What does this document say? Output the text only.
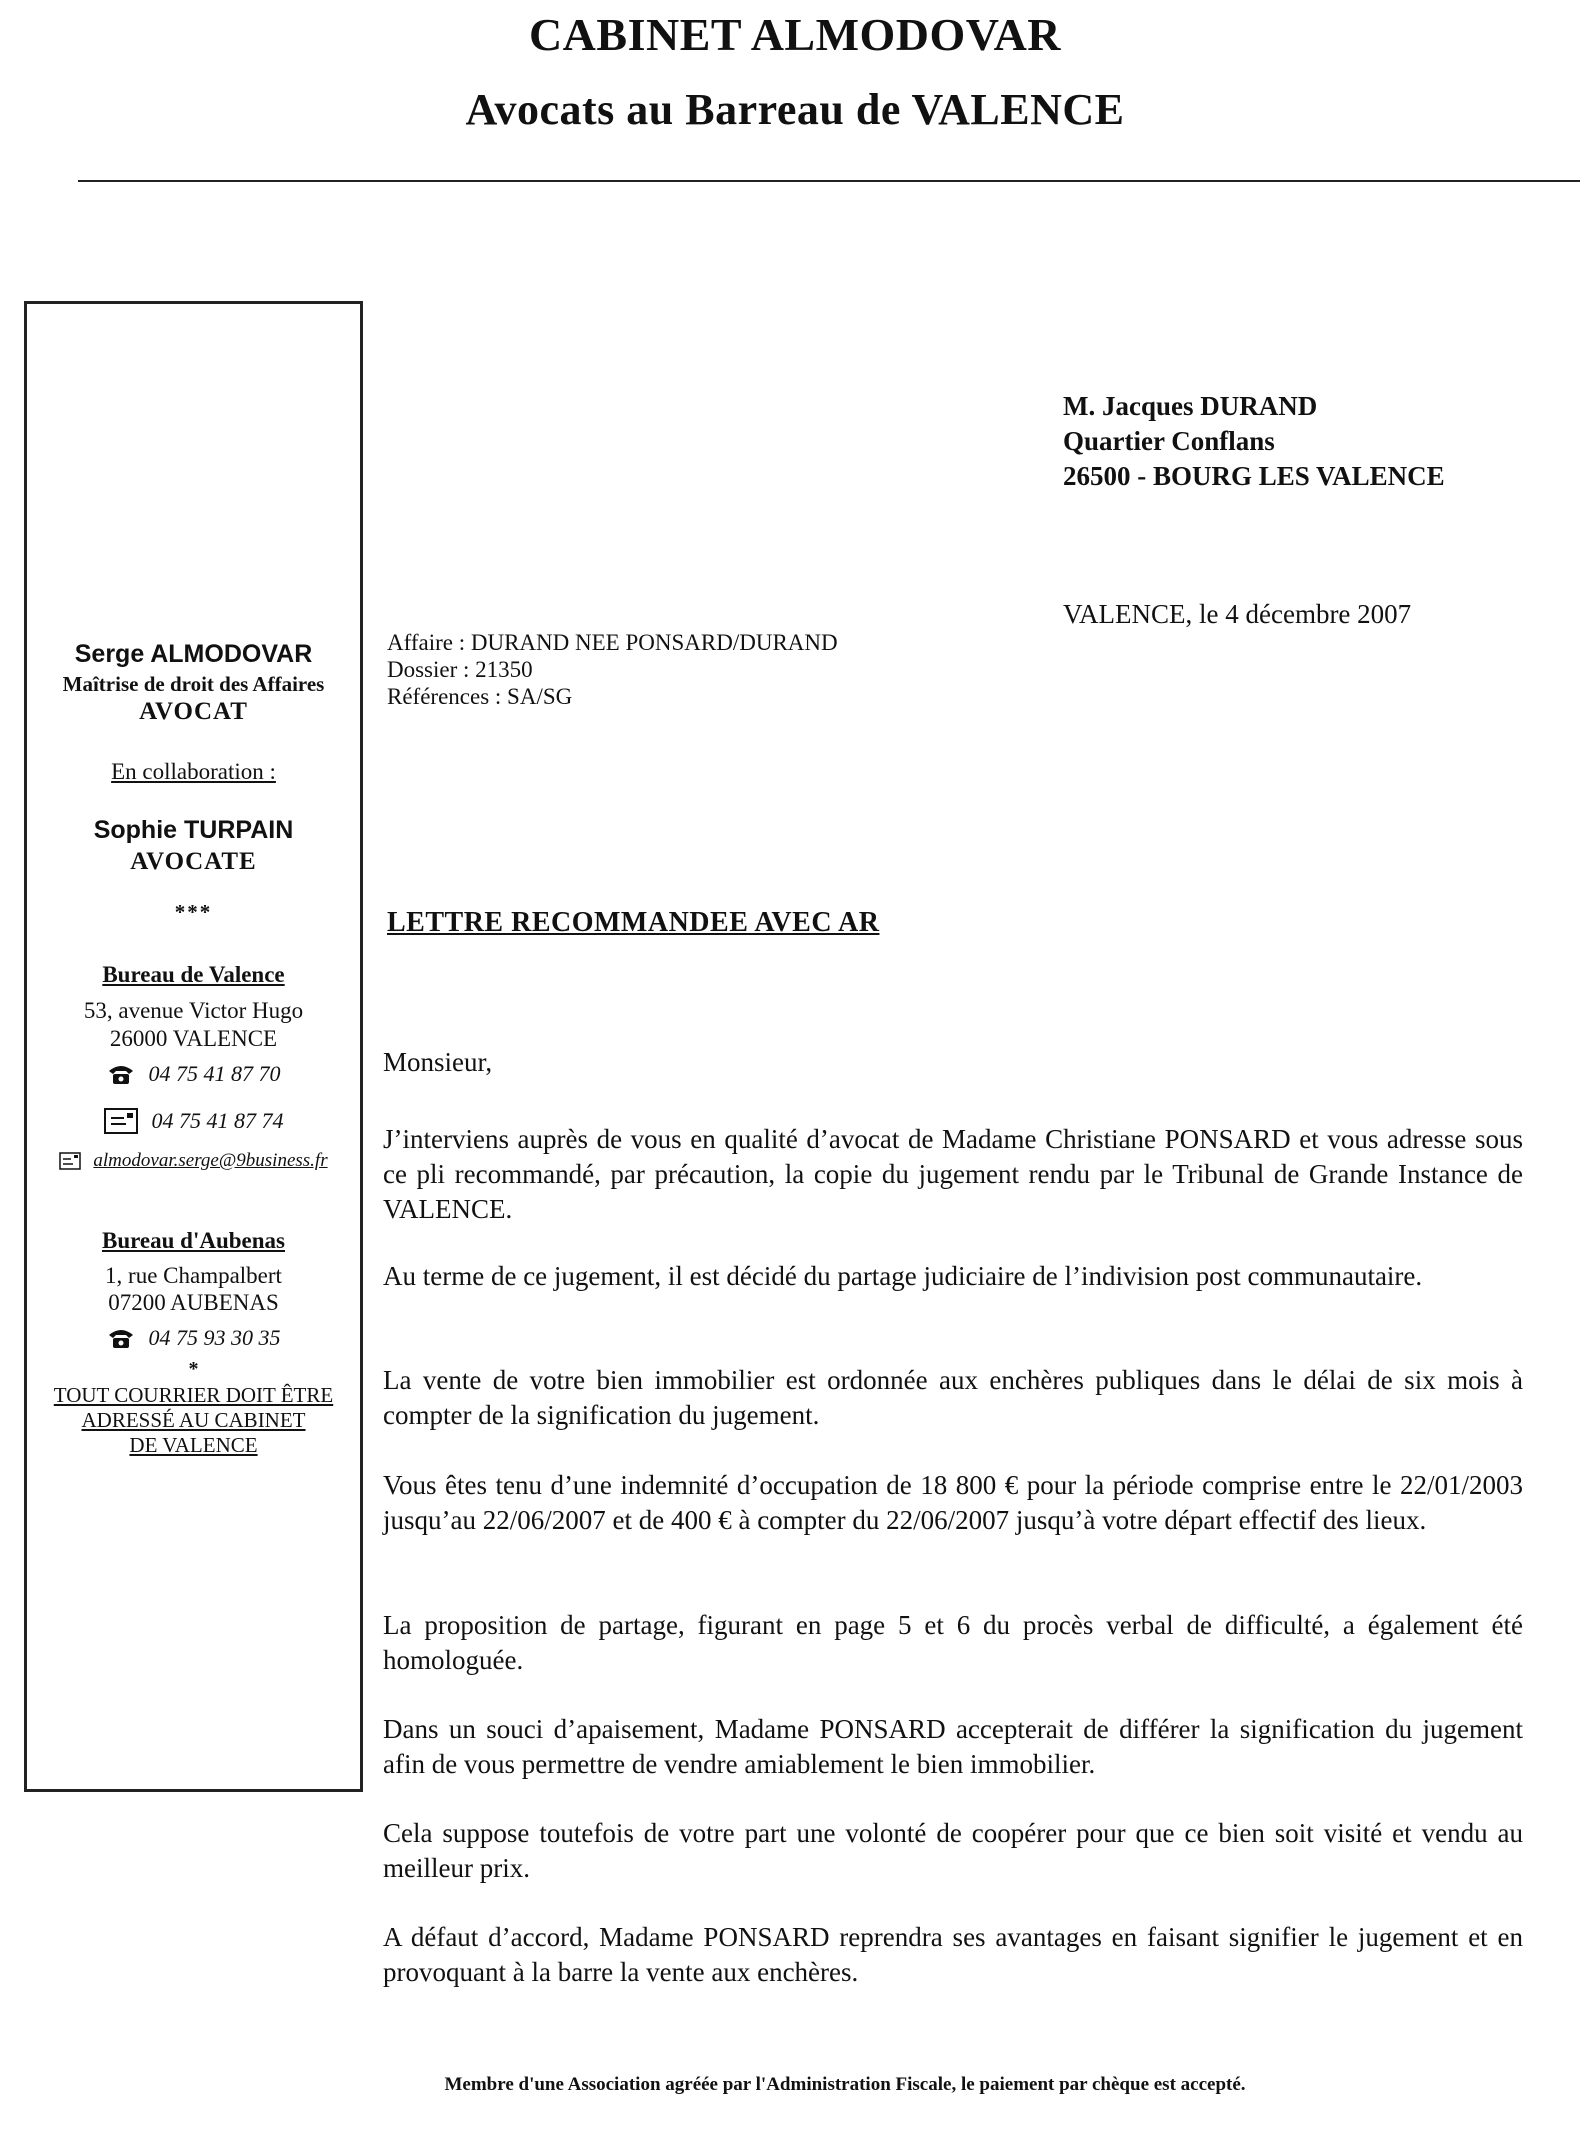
CABINET ALMODOVAR
Avocats au Barreau de VALENCE
Serge ALMODOVAR
Maîtrise de droit des Affaires
AVOCAT
En collaboration :
Sophie TURPAIN
AVOCATE
***
Bureau de Valence
53, avenue Victor Hugo
26000 VALENCE
04 75 41 87 70
04 75 41 87 74
almodovar.serge@9business.fr
Bureau d'Aubenas
1, rue Champalbert
07200 AUBENAS
04 75 93 30 35
*
TOUT COURRIER DOIT ÊTRE
ADRESSÉ AU CABINET
DE VALENCE
M. Jacques DURAND
Quartier Conflans
26500 - BOURG LES VALENCE
VALENCE, le 4 décembre 2007
Affaire : DURAND NEE PONSARD/DURAND
Dossier : 21350
Références : SA/SG
LETTRE RECOMMANDEE AVEC AR
Monsieur,
J’interviens auprès de vous en qualité d’avocat de Madame Christiane PONSARD et vous adresse sous ce pli recommandé, par précaution, la copie du jugement rendu par le Tribunal de Grande Instance de VALENCE.
Au terme de ce jugement, il est décidé du partage judiciaire de l’indivision post communautaire.
La vente de votre bien immobilier est ordonnée aux enchères publiques dans le délai de six mois à compter de la signification du jugement.
Vous êtes tenu d’une indemnité d’occupation de 18 800 € pour la période comprise entre le 22/01/2003 jusqu’au 22/06/2007 et de 400 € à compter du 22/06/2007 jusqu’à votre départ effectif des lieux.
La proposition de partage, figurant en page 5 et 6 du procès verbal de difficulté, a également été homologuée.
Dans un souci d’apaisement, Madame PONSARD accepterait de différer la signification du jugement afin de vous permettre de vendre amiablement le bien immobilier.
Cela suppose toutefois de votre part une volonté de coopérer pour que ce bien soit visité et vendu au meilleur prix.
A défaut d’accord, Madame PONSARD reprendra ses avantages en faisant signifier le jugement et en provoquant à la barre la vente aux enchères.
Membre d'une Association agréée par l'Administration Fiscale, le paiement par chèque est accepté.
